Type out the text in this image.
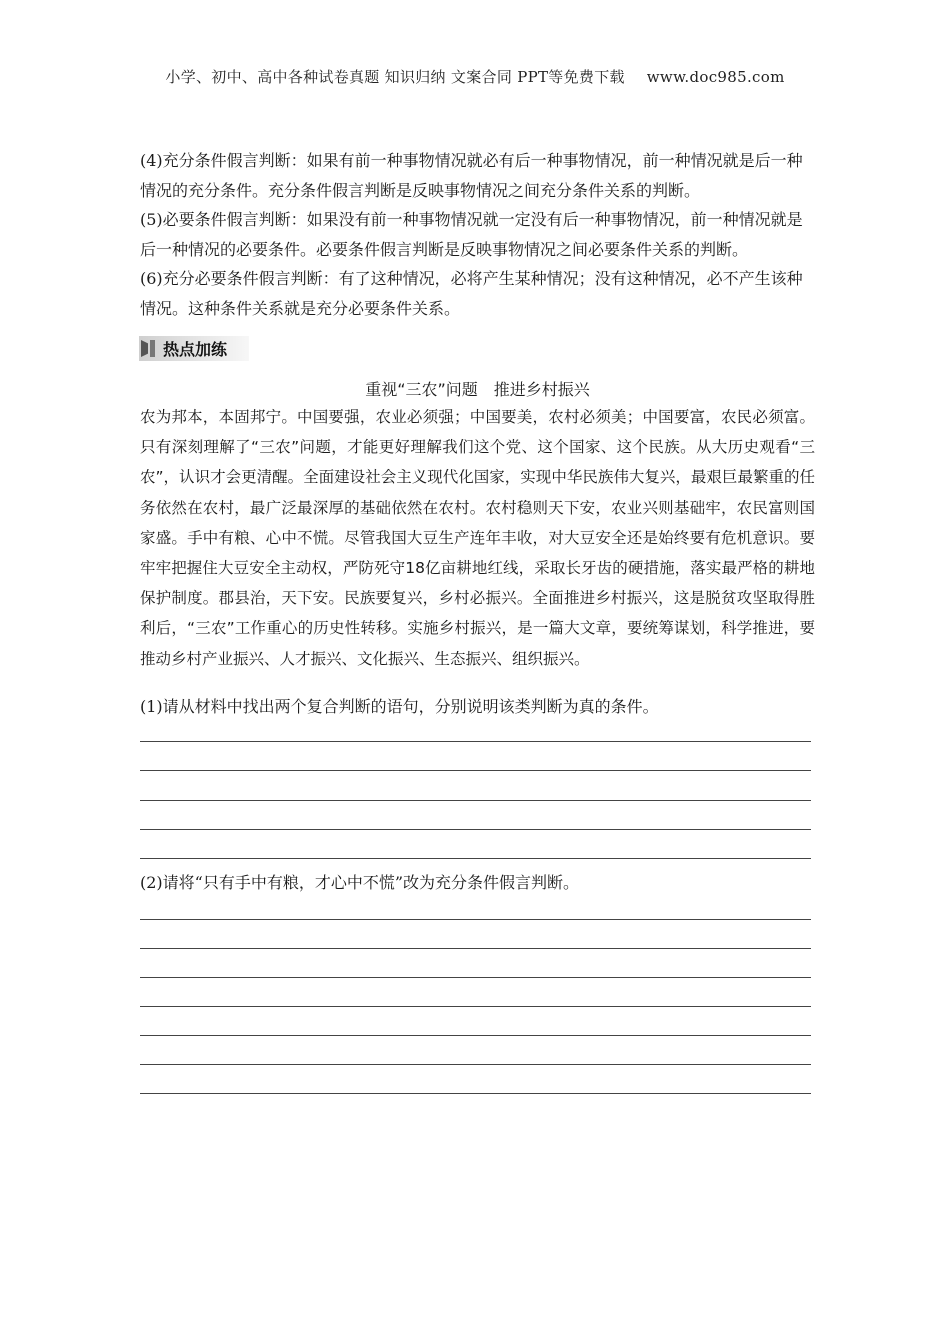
小学、初中、高中各种试卷真题 知识归纳 文案合同 PPT等免费下载 www.doc985.com

(4)充分条件假言判断：如果有前一种事物情况就必有后一种事物情况，前一种情况就是后一种情况的充分条件。充分条件假言判断是反映事物情况之间充分条件关系的判断。

(5)必要条件假言判断：如果没有前一种事物情况就一定没有后一种事物情况，前一种情况就是后一种情况的必要条件。必要条件假言判断是反映事物情况之间必要条件关系的判断。

(6)充分必要条件假言判断：有了这种情况，必将产生某种情况；没有这种情况，必不产生该种情况。这种条件关系就是充分必要条件关系。

热点加练
重视“三农”问题　推进乡村振兴

农为邦本，本固邦宁。中国要强，农业必须强；中国要美，农村必须美；中国要富，农民必须富。只有深刻理解了“三农”问题，才能更好理解我们这个党、这个国家、这个民族。从大历史观看“三农”，认识才会更清醒。全面建设社会主义现代化国家，实现中华民族伟大复兴，最艰巨最繁重的任务依然在农村，最广泛最深厚的基础依然在农村。农村稳则天下安，农业兴则基础牢，农民富则国家盛。手中有粮、心中不慌。尽管我国大豆生产连年丰收，对大豆安全还是始终要有危机意识。要牢牢把握住大豆安全主动权，严防死守18亿亩耕地红线，采取长牙齿的硬措施，落实最严格的耕地保护制度。郡县治，天下安。民族要复兴，乡村必振兴。全面推进乡村振兴，这是脱贫攻坚取得胜利后，“三农”工作重心的历史性转移。实施乡村振兴，是一篇大文章，要统筹谋划，科学推进，要推动乡村产业振兴、人才振兴、文化振兴、生态振兴、组织振兴。

(1)请从材料中找出两个复合判断的语句，分别说明该类判断为真的条件。
(2)请将“只有手中有粮，才心中不慌”改为充分条件假言判断。
